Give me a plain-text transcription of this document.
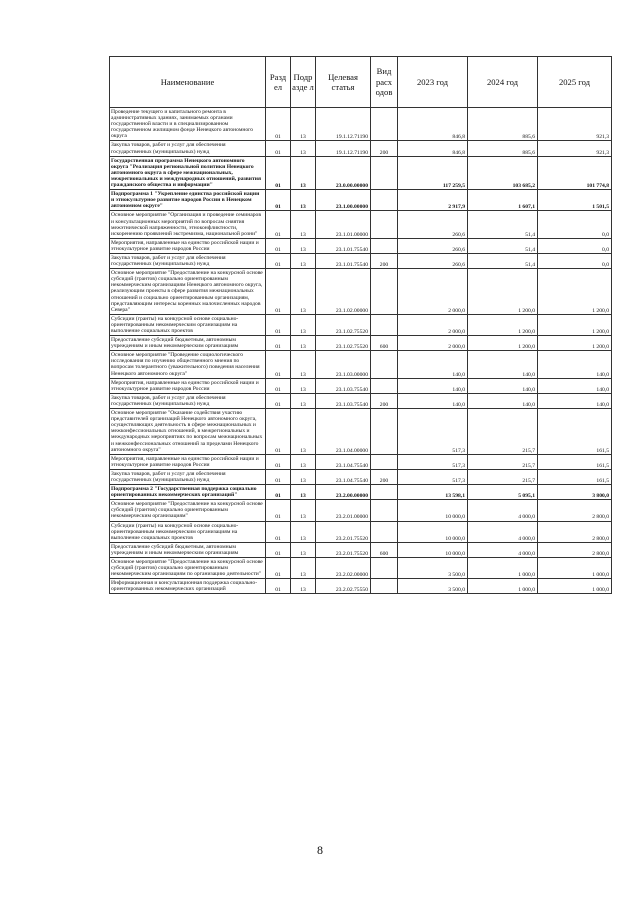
Наименование	Разд ел	Подр азде л	Целевая статья	Вид расх одов	2023 год	2024 год	2025 год
Проведение текущего и капитального ремонта в административных зданиях, занимаемых органами государственной власти и в специализированном государственном жилищном фонде Ненецкого автономного округа	01	13	19.1.12.71190		846,8	885,6	921,3
Закупка товаров, работ и услуг для обеспечения государственных (муниципальных) нужд	01	13	19.1.12.71190	200	846,8	885,6	921,3
Государственная программа Ненецкого автономного округа "Реализация региональной политики Ненецкого автономного округа в сфере межнациональных, межрегиональных и международных отношений, развития гражданского общества и информации"	01	13	23.0.00.00000		117 259,5	103 685,2	101 774,8
Подпрограмма 1 "Укрепление единства российской нации и этнокультурное развитие народов России в Ненецком автономном округе"	01	13	23.1.00.00000		2 917,9	1 607,1	1 501,5
Основное мероприятие "Организация и проведение семинаров и консультационных мероприятий по вопросам сняятия межэтнической напряженности, этноконфликтности, искоренению проявлений экстремизма, национальной розни"	01	13	23.1.01.00000		260,6	51,4	0,0
Мероприятия, направленные на единство российской нации и этнокультурное развитие народов России	01	13	23.1.01.75540		260,6	51,4	0,0
Закупка товаров, работ и услуг для обеспечения государственных (муниципальных) нужд	01	13	23.1.01.75540	200	260,6	51,4	0,0
Основное мероприятие "Предоставление на конкурсной основе субсидий (грантов) социально ориентированным некоммерческим организациям Ненецкого автономного округа, реализующим проекты в сфере развития межнациональных отношений и социально ориентированным организациям, представляющим интересы коренных малочисленных народов Севера"	01	13	23.1.02.00000		2 000,0	1 200,0	1 200,0
Субсидии (гранты) на конкурсной основе социально-ориентированным некоммерческим организациям на выполнение социальных проектов	01	13	23.1.02.75520		2 000,0	1 200,0	1 200,0
Предоставление субсидий бюджетным, автономным учреждениям и иным некоммерческим организациям	01	13	23.1.02.75520	600	2 000,0	1 200,0	1 200,0
Основное мероприятие "Проведение социологического исследования по изучению общественного мнения по вопросам толерантного (уважительного) поведения населения Ненецкого автономного округа"	01	13	23.1.03.00000		140,0	140,0	140,0
Мероприятия, направленные на единство российской нации и этнокультурное развитие народов России	01	13	23.1.03.75540		140,0	140,0	140,0
Закупка товаров, работ и услуг для обеспечения государственных (муниципальных) нужд	01	13	23.1.03.75540	200	140,0	140,0	140,0
Основное мероприятие "Оказание содействия участию представителей организаций Ненецкого автономного округа, осуществляющих деятельность в сфере межнациональных и межконфессиональных отношений, в межрегиональных и международных мероприятиях по вопросам межнациональных и межконфессиональных отношений за пределами Ненецкого автономного округа"	01	13	23.1.04.00000		517,3	215,7	161,5
Мероприятия, направленные на единство российской нации и этнокультурное развитие народов России	01	13	23.1.04.75540		517,3	215,7	161,5
Закупка товаров, работ и услуг для обеспечения государственных (муниципальных) нужд	01	13	23.1.04.75540	200	517,3	215,7	161,5
Подпрограмма 2 "Государственная поддержка социально ориентированных некоммерческих организаций"	01	13	23.2.00.00000		13 598,1	5 095,1	3 800,0
Основное мероприятие "Предоставление на конкурсной основе субсидий (грантов) социально ориентированным некоммерческим организациям"	01	13	23.2.01.00000		10 000,0	4 000,0	2 800,0
Субсидии (гранты) на конкурсной основе социально-ориентированным некоммерческим организациям на выполнение социальных проектов	01	13	23.2.01.75520		10 000,0	4 000,0	2 800,0
Предоставление субсидий бюджетным, автономным учреждениям и иным некоммерческим организациям	01	13	23.2.01.75520	600	10 000,0	4 000,0	2 800,0
Основное мероприятие "Предоставление на конкурсной основе субсидий (грантов) социально ориентированным некоммерческим организациям по организацию деятельности"	01	13	23.2.02.00000		3 500,0	1 000,0	1 000,0
Информационная и консультационная поддержка социально-ориентированных некоммерческих организаций	01	13	23.2.02.75550		3 500,0	1 000,0	1 000,0
8
